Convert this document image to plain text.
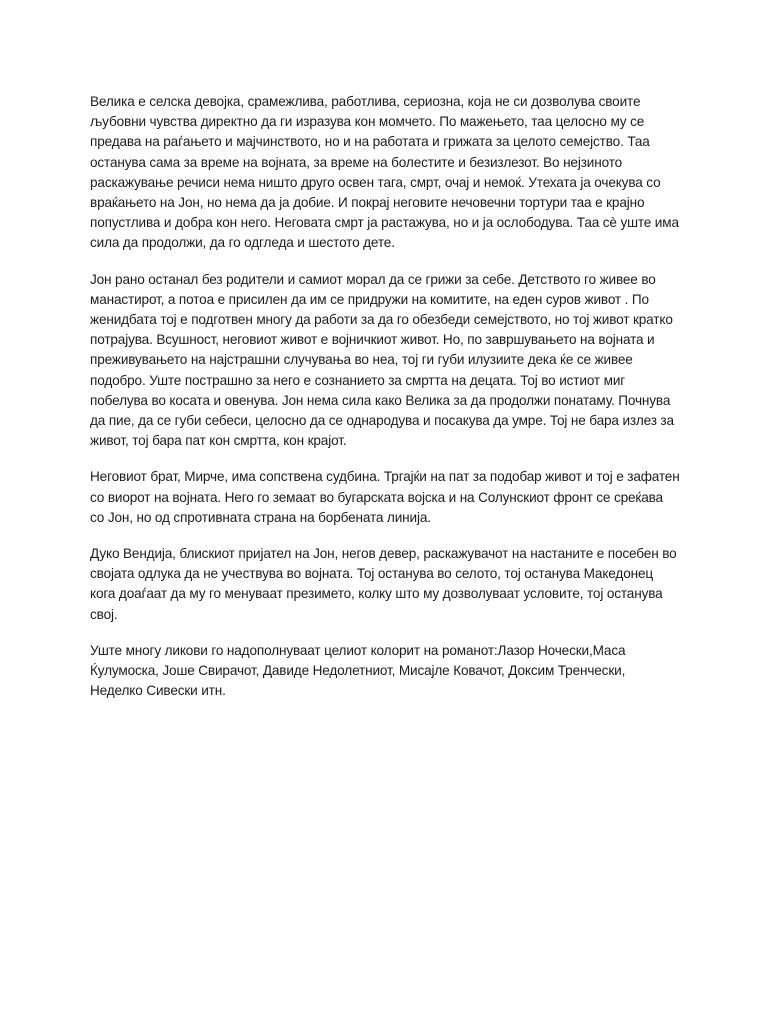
Велика е селска девојка, срамежлива, работлива, сериозна, која не си дозволува своите љубовни чувства директно да ги изразува кон момчето. По мажењето, таа целосно му се предава на раѓањето и мајчинството, но и на работата и грижата за целото семејство. Таа останува сама за време на војната, за време на болестите и безизлезот. Во нејзиното раскажување речиси нема ништо друго освен тага, смрт, очај и немоќ. Утехата ја очекува со враќањето на Јон, но нема да ја добие. И покрај неговите нечовечни тортури таа е крајно попустлива и добра кон него. Неговата смрт ја растажува, но и ја ослободува. Таа сè уште има сила да продолжи, да го одгледа и шестото дете.

Јон рано останал без родители и самиот морал да се грижи за себе. Детството го живее во манастирот, а потоа е присилен да им се придружи на комитите, на еден суров живот . По женидбата тој е подготвен многу да работи за да го обезбеди семејството, но тој живот кратко потрајува. Всушност, неговиот живот е војничкиот живот. Но, по завршувањето на војната и преживувањето на најстрашни случувања во неа, тој ги губи илузиите дека ќе се живее подобро. Уште пострашно за него е сознанието за смртта на децата. Тој во истиот миг побелува во косата и овенува. Јон нема сила како Велика за да продолжи понатаму. Почнува да пие, да се губи себеси, целосно да се однародува и посакува да умре. Тој не бара излез за живот, тој бара пат кон смртта, кон крајот.

Неговиот брат, Мирче, има сопствена судбина. Тргајќи на пат за подобар живот и тој е зафатен со виорот на војната. Него го земаат во бугарската војска и на Солунскиот фронт се среќава со Јон, но од спротивната страна на борбената линија.

Дуко Вендија, блискиот пријател на Јон, негов девер, раскажувачот на настаните е посебен во својата одлука да не учествува во војната. Тој останува во селото, тој останува Македонец кога доаѓаат да му го менуваат презимето, колку што му дозволуваат условите, тој останува свој.

Уште многу ликови го надополнуваат целиот колорит на романот:Лазор Ночески,Маса Ќулумоска, Јоше Свирачот, Давиде Недолетниот, Мисајле Ковачот, Доксим Тренчески, Неделко Сивески итн.
